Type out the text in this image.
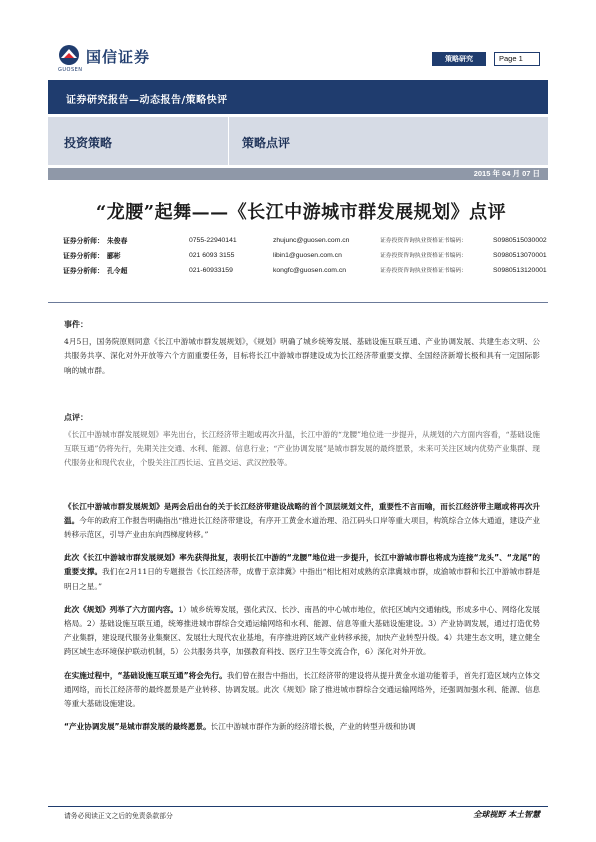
国信证券
GUOSEN
策略研究	Page 1
证券研究报告—动态报告/策略快评
投资策略	策略点评
2015 年 04 月 07 日
“龙腰”起舞——《长江中游城市群发展规划》点评
证券分析师： 朱俊春	0755-22940141	zhujunc@guosen.com.cn	证券投资咨询执业资格证书编码：	S0980515030002
证券分析师： 郦彬	021 6093 3155	libin1@guosen.com.cn	证券投资咨询执业资格证书编码：	S0980513070001
证券分析师： 孔令超	021-60933159	kongfc@guosen.com.cn	证券投资咨询执业资格证书编码：	S0980513120001
事件：
4月5日，国务院原则同意《长江中游城市群发展规划》，《规划》明确了城乡统筹发展、基础设施互联互通、产业协调发展、共建生态文明、公共服务共享、深化对外开放等六个方面重要任务，目标将长江中游城市群建设成为长江经济带重要支撑、全国经济新增长极和具有一定国际影响的城市群。
点评：
《长江中游城市群发展规划》率先出台，长江经济带主题或再次升温，长江中游的“龙腰”地位进一步提升，从规划的六方面内容看，“基础设施互联互通”仍将先行，先期关注交通、水利、能源、信息行业；“产业协调发展”是城市群发展的最终愿景，未来可关注区域内优势产业集群、现代服务业和现代农业，个股关注江西长运、宜昌交运、武汉控股等。
《长江中游城市群发展规划》是两会后出台的关于长江经济带建设战略的首个顶层规划文件，重要性不言而喻，而长江经济带主题或将再次升温。今年的政府工作报告明确指出“推进长江经济带建设，有序开工黄金水道治理、沿江码头口岸等重大项目，构筑综合立体大通道，建设产业转移示范区，引导产业由东向西梯度转移。”
此次《长江中游城市群发展规划》率先获得批复，表明长江中游的“龙腰”地位进一步提升，长江中游城市群也将成为连接“龙头”、“龙尾”的重要支撑。我们在2月11日的专题报告《长江经济带，成曹于京津冀》中指出“相比相对成熟的京津冀城市群，成渝城市群和长江中游城市群是明日之星。”
此次《规划》列举了六方面内容。1）城乡统筹发展，强化武汉、长沙、南昌的中心城市地位，依托区域内交通轴线，形成多中心、网络化发展格局。2）基础设施互联互通，统筹推进城市群综合交通运输网络和水利、能源、信息等重大基础设施建设。3）产业协调发展，通过打造优势产业集群，建设现代服务业集聚区、发展壮大现代农业基地，有序推进跨区域产业转移承接，加快产业转型升级。4）共建生态文明，建立健全跨区域生态环境保护联动机制，5）公共服务共享，加强教育科技、医疗卫生等交流合作，6）深化对外开放。
在实施过程中，“基础设施互联互通”将会先行。我们曾在报告中指出，长江经济带的建设将从提升黄金水道功能着手，首先打造区域内立体交通网络，而长江经济带的最终愿景是产业转移、协调发展。此次《规划》除了推进城市群综合交通运输网络外，还强调加强水利、能源、信息等重大基础设施建设。
“产业协调发展”是城市群发展的最终愿景。长江中游城市群作为新的经济增长极，产业的转型升级和协调
请务必阅读正文之后的免责条款部分	全球视野 本土智慧
